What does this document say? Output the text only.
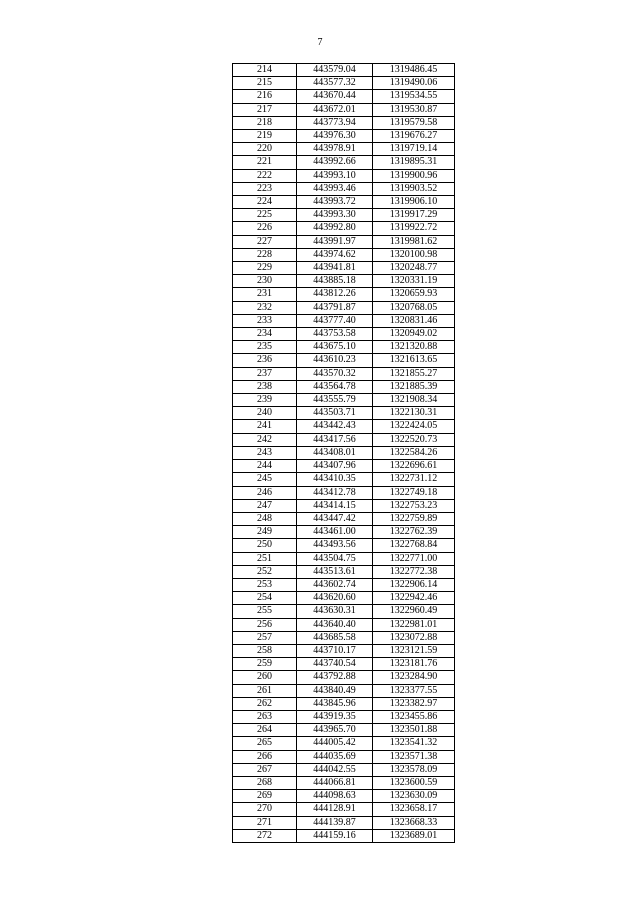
7
214	443579.04	1319486.45
215	443577.32	1319490.06
216	443670.44	1319534.55
217	443672.01	1319530.87
218	443773.94	1319579.58
219	443976.30	1319676.27
220	443978.91	1319719.14
221	443992.66	1319895.31
222	443993.10	1319900.96
223	443993.46	1319903.52
224	443993.72	1319906.10
225	443993.30	1319917.29
226	443992.80	1319922.72
227	443991.97	1319981.62
228	443974.62	1320100.98
229	443941.81	1320248.77
230	443885.18	1320331.19
231	443812.26	1320659.93
232	443791.87	1320768.05
233	443777.40	1320831.46
234	443753.58	1320949.02
235	443675.10	1321320.88
236	443610.23	1321613.65
237	443570.32	1321855.27
238	443564.78	1321885.39
239	443555.79	1321908.34
240	443503.71	1322130.31
241	443442.43	1322424.05
242	443417.56	1322520.73
243	443408.01	1322584.26
244	443407.96	1322696.61
245	443410.35	1322731.12
246	443412.78	1322749.18
247	443414.15	1322753.23
248	443447.42	1322759.89
249	443461.00	1322762.39
250	443493.56	1322768.84
251	443504.75	1322771.00
252	443513.61	1322772.38
253	443602.74	1322906.14
254	443620.60	1322942.46
255	443630.31	1322960.49
256	443640.40	1322981.01
257	443685.58	1323072.88
258	443710.17	1323121.59
259	443740.54	1323181.76
260	443792.88	1323284.90
261	443840.49	1323377.55
262	443845.96	1323382.97
263	443919.35	1323455.86
264	443965.70	1323501.88
265	444005.42	1323541.32
266	444035.69	1323571.38
267	444042.55	1323578.09
268	444066.81	1323600.59
269	444098.63	1323630.09
270	444128.91	1323658.17
271	444139.87	1323668.33
272	444159.16	1323689.01
